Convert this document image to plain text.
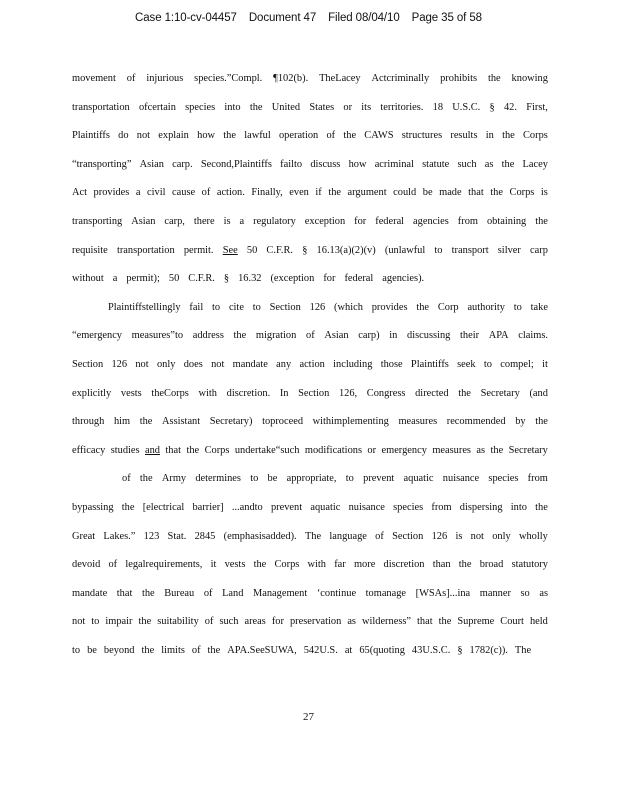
Case 1:10-cv-04457 Document 47 Filed 08/04/10 Page 35 of 58
movement of injurious species.”Compl. ¶102(b). TheLacey Actcriminally prohibits the knowing
transportation ofcertain species into the United States or its territories. 18 U.S.C. § 42. First,
Plaintiffs do not explain how the lawful operation of the CAWS structures results in the Corps
“transporting” Asian carp. Second,Plaintiffs failto discuss how acriminal statute such as the Lacey
Act provides a civil cause of action. Finally, even if the argument could be made that the Corps is
transporting Asian carp, there is a regulatory exception for federal agencies from obtaining the
requisite transportation permit. See 50 C.F.R. § 16.13(a)(2)(v) (unlawful to transport silver carp
without a permit); 50 C.F.R. § 16.32 (exception for federal agencies).
Plaintiffstellingly fail to cite to Section 126 (which provides the Corp authority to take
“emergency measures”to address the migration of Asian carp) in discussing their APA claims.
Section 126 not only does not mandate any action including those Plaintiffs seek to compel; it
explicitly vests theCorps with discretion. In Section 126, Congress directed the Secretary (and
through him the Assistant Secretary) toproceed withimplementing measures recommended by the
efficacy studies and that the Corps undertake“such modifications or emergency measures as the Secretary
of the Army determines to be appropriate, to prevent aquatic nuisance species from
bypassing the [electrical barrier] ...andto prevent aquatic nuisance species from dispersing into the
Great Lakes.” 123 Stat. 2845 (emphasisadded). The language of Section 126 is not only wholly
devoid of legalrequirements, it vests the Corps with far more discretion than the broad statutory
mandate that the Bureau of Land Management ‘continue tomanage [WSAs]...ina manner so as
not to impair the suitability of such areas for preservation as wilderness” that the Supreme Court held
to be beyond the limits of the APA.SeeSUWA, 542U.S. at 65(quoting 43U.S.C. § 1782(c)). The
27
